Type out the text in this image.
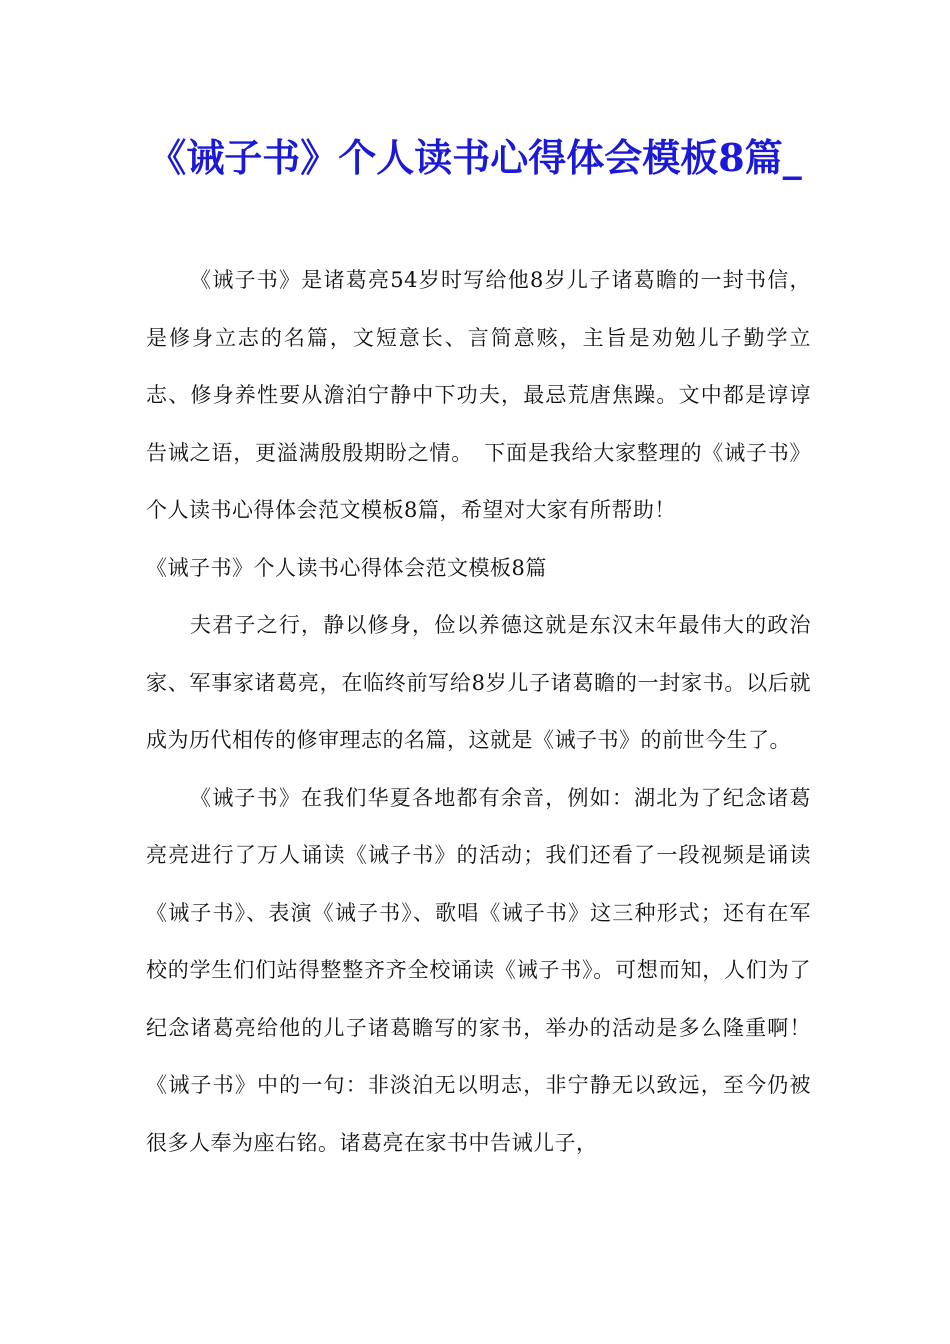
《诫子书》个人读书心得体会模板8篇_

《诫子书》是诸葛亮54岁时写给他8岁儿子诸葛瞻的一封书信，是修身立志的名篇，文短意长、言简意赅，主旨是劝勉儿子勤学立志、修身养性要从澹泊宁静中下功夫，最忌荒唐焦躁。文中都是谆谆告诫之语，更溢满殷殷期盼之情。　下面是我给大家整理的《诫子书》个人读书心得体会范文模板8篇，希望对大家有所帮助！

《诫子书》个人读书心得体会范文模板8篇

夫君子之行，静以修身，俭以养德这就是东汉末年最伟大的政治家、军事家诸葛亮，在临终前写给8岁儿子诸葛瞻的一封家书。以后就成为历代相传的修审理志的名篇，这就是《诫子书》的前世今生了。

《诫子书》在我们华夏各地都有余音，例如：湖北为了纪念诸葛亮亮进行了万人诵读《诫子书》的活动；我们还看了一段视频是诵读《诫子书》、表演《诫子书》、歌唱《诫子书》这三种形式；还有在军校的学生们们站得整整齐齐全校诵读《诫子书》。可想而知，人们为了纪念诸葛亮给他的儿子诸葛瞻写的家书，举办的活动是多么隆重啊！《诫子书》中的一句：非淡泊无以明志，非宁静无以致远，至今仍被很多人奉为座右铭。诸葛亮在家书中告诫儿子，
